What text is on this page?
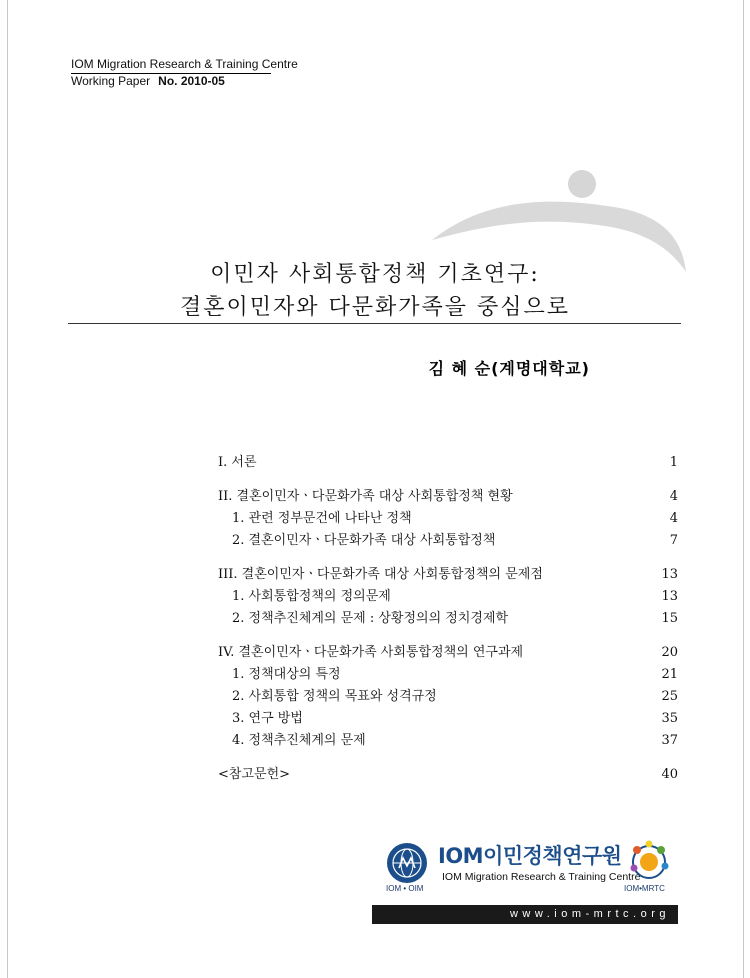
IOM Migration Research & Training Centre
Working Paper No. 2010-05
이민자 사회통합정책 기초연구:
결혼이민자와 다문화가족을 중심으로
김 혜 순(계명대학교)
I. 서론	1
II. 결혼이민자ㆍ다문화가족 대상 사회통합정책 현황	4
1. 관련 정부문건에 나타난 정책	4
2. 결혼이민자ㆍ다문화가족 대상 사회통합정책	7
III. 결혼이민자ㆍ다문화가족 대상 사회통합정책의 문제점	13
1. 사회통합정책의 정의문제	13
2. 정책추진체계의 문제 : 상황정의의 정치경제학	15
IV. 결혼이민자ㆍ다문화가족 사회통합정책의 연구과제	20
1. 정책대상의 특정	21
2. 사회통합 정책의 목표와 성격규정	25
3. 연구 방법	35
4. 정책추진체계의 문제	37
<참고문헌>	40
IOM • OIM
IOM이민정책연구원
IOM Migration Research & Training Centre
IOM•MRTC
www.iom-mrtc.org
